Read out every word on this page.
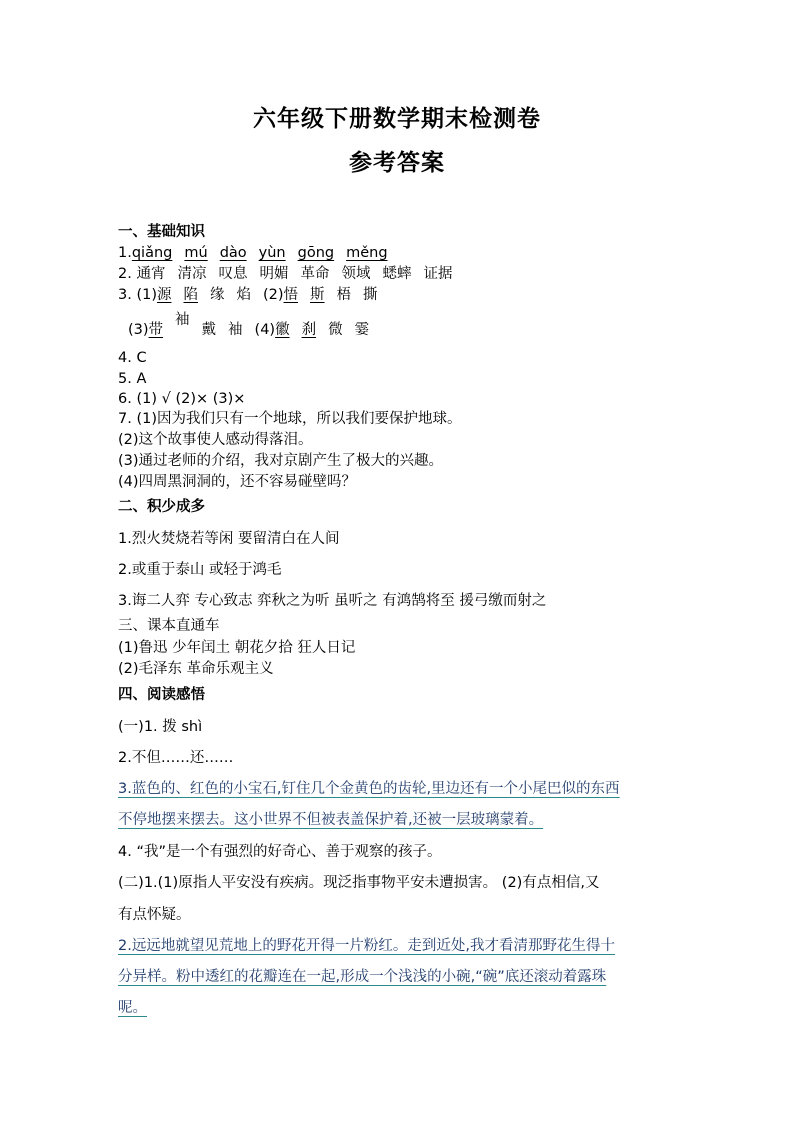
六年级下册数学期末检测卷
参考答案
一、基础知识
1.qiǎng mú dào yùn gōng měng
2. 通宵 清凉 叹息 明媚 革命 领域 蟋蟀 证据
3. (1)源 陷 缘 焰 (2)悟 斯 梧 撕
(3)带袖戴 袖 (4)徽 刹 微 霎
4. C
5. A
6. (1) √ (2)× (3)×
7. (1)因为我们只有一个地球，所以我们要保护地球。
(2)这个故事使人感动得落泪。
(3)通过老师的介绍，我对京剧产生了极大的兴趣。
(4)四周黑洞洞的，还不容易碰壁吗？
二、积少成多
1.烈火焚烧若等闲 要留清白在人间
2.或重于泰山 或轻于鸿毛
3.诲二人弈 专心致志 弈秋之为听 虽听之 有鸿鹄将至 援弓缴而射之
三、课本直通车
(1)鲁迅 少年闰土 朝花夕拾 狂人日记
(2)毛泽东 革命乐观主义
四、阅读感悟
(一)1. 拨 shì
2.不但……还……
3.蓝色的、红色的小宝石,钉住几个金黄色的齿轮,里边还有一个小尾巴似的东西
不停地摆来摆去。这小世界不但被表盖保护着,还被一层玻璃蒙着。
4. “我”是一个有强烈的好奇心、善于观察的孩子。
(二)1.(1)原指人平安没有疾病。现泛指事物平安未遭损害。 (2)有点相信,又
有点怀疑。
2.远远地就望见荒地上的野花开得一片粉红。走到近处,我才看清那野花生得十
分异样。粉中透红的花瓣连在一起,形成一个浅浅的小碗,“碗”底还滚动着露珠
呢。
